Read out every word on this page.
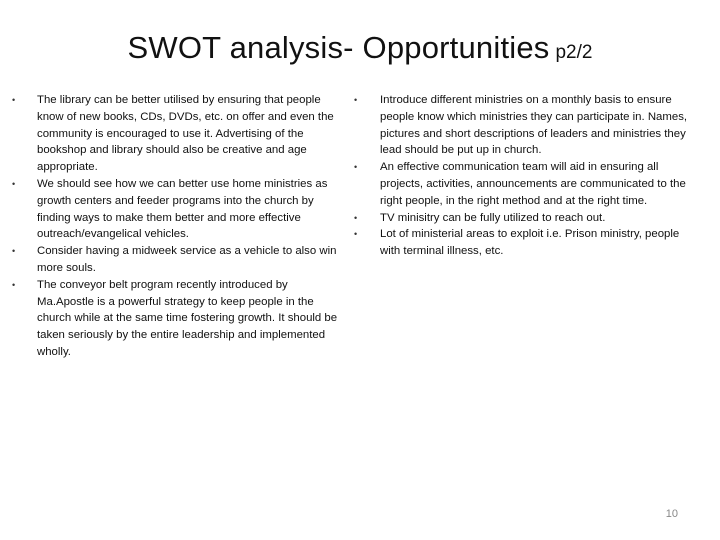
SWOT analysis- Opportunities p2/2
• The library can be better utilised by ensuring that people know of new books, CDs, DVDs, etc. on offer and even the community is encouraged to use it. Advertising of the bookshop and library should also be creative and age appropriate.
• We should see how we can better use home ministries as growth centers and feeder programs into the church by finding ways to make them better and more effective outreach/evangelical vehicles.
• Consider having a midweek service as a vehicle to also win more souls.
• The conveyor belt program recently introduced by Ma.Apostle is a powerful strategy to keep people in the church while at the same time fostering growth. It should be taken seriously by the entire leadership and implemented wholly.
• Introduce different ministries on a monthly basis to ensure people know which ministries they can participate in. Names, pictures and short descriptions of leaders and ministries they lead should be put up in church.
• An effective communication team will aid in ensuring all projects, activities, announcements are communicated to the right people, in the right method and at the right time.
• TV minisitry can be fully utilized to reach out.
• Lot of ministerial areas to exploit i.e. Prison ministry, people with terminal illness, etc.
10
